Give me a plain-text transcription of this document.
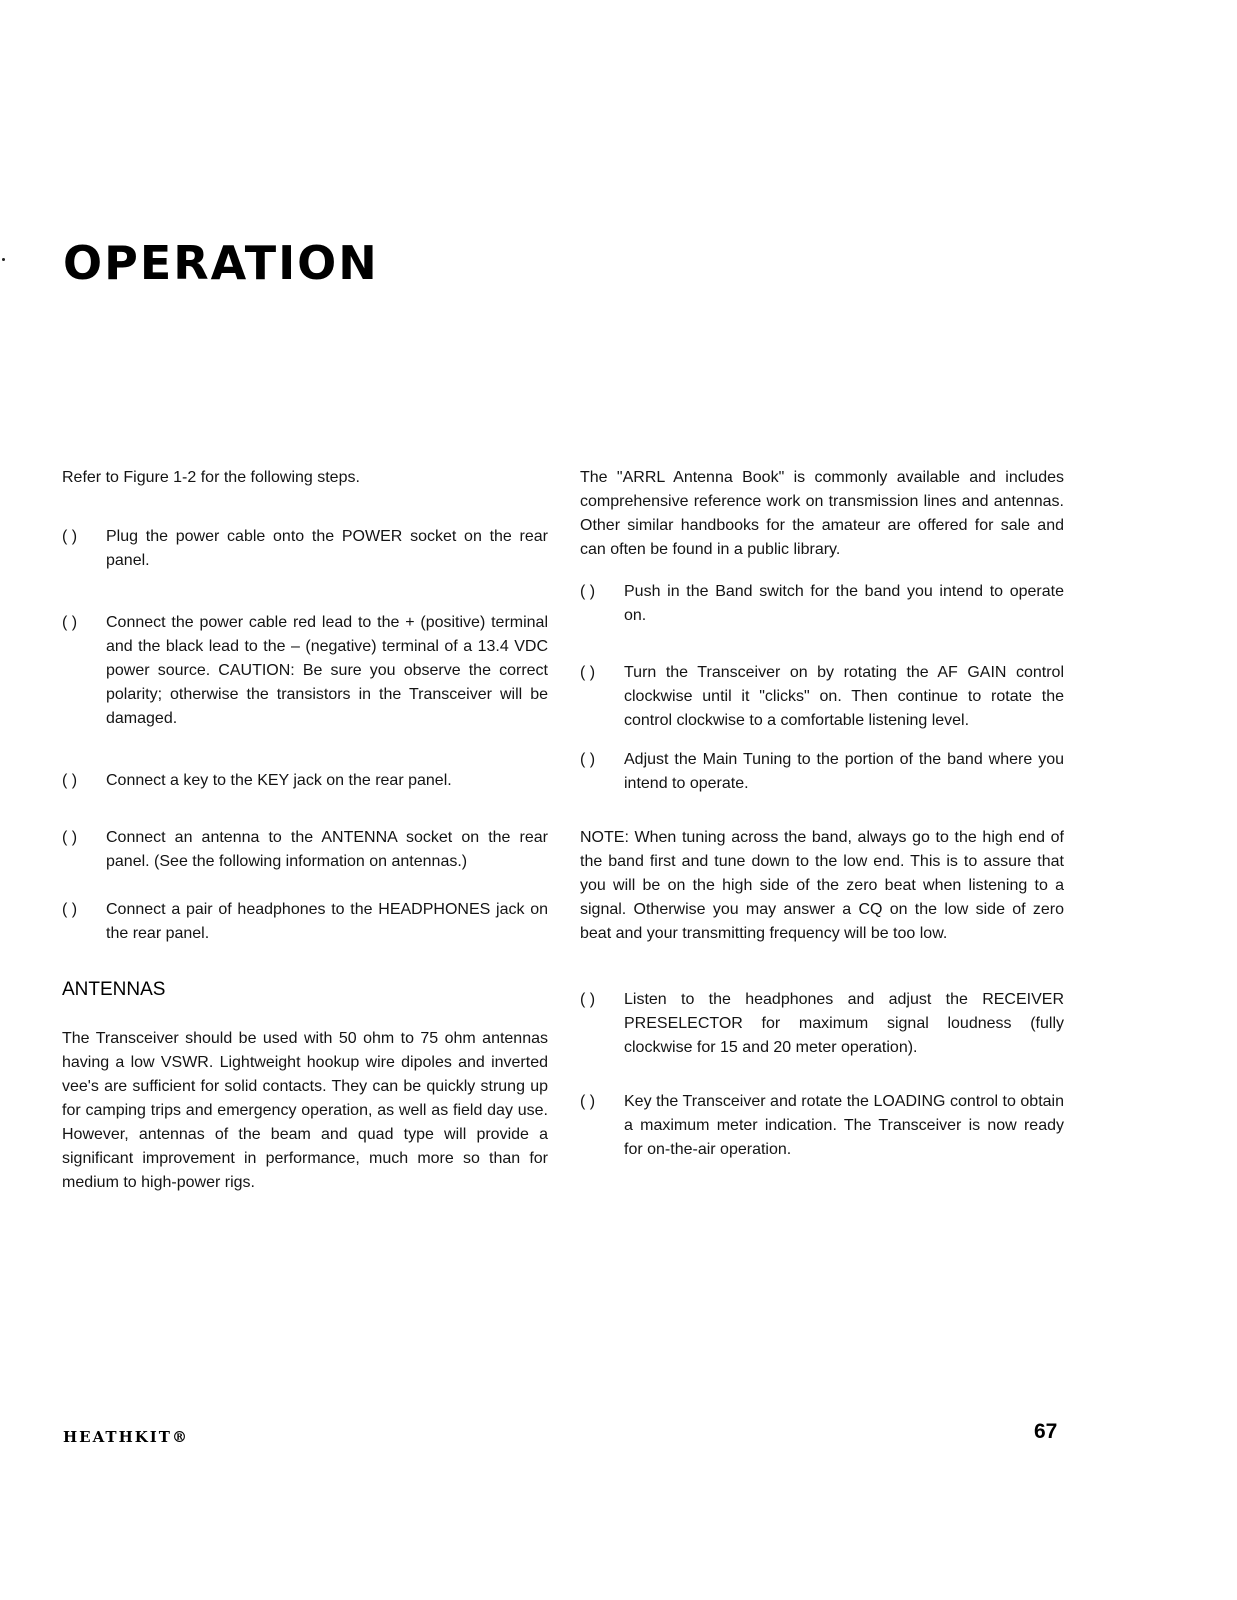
OPERATION

Refer to Figure 1-2 for the following steps.

( )	Plug the power cable onto the POWER socket on the rear panel.
( )	Connect the power cable red lead to the + (positive) terminal and the black lead to the – (negative) terminal of a 13.4 VDC power source. CAUTION: Be sure you observe the correct polarity; otherwise the transistors in the Transceiver will be damaged.
( )	Connect a key to the KEY jack on the rear panel.
( )	Connect an antenna to the ANTENNA socket on the rear panel. (See the following information on antennas.)
( )	Connect a pair of headphones to the HEADPHONES jack on the rear panel.
ANTENNAS

The Transceiver should be used with 50 ohm to 75 ohm antennas having a low VSWR. Lightweight hookup wire dipoles and inverted vee's are sufficient for solid contacts. They can be quickly strung up for camping trips and emergency operation, as well as field day use. However, antennas of the beam and quad type will provide a significant improvement in performance, much more so than for medium to high-power rigs.

The "ARRL Antenna Book" is commonly available and includes comprehensive reference work on transmission lines and antennas. Other similar handbooks for the amateur are offered for sale and can often be found in a public library.

( )	Push in the Band switch for the band you intend to operate on.
( )	Turn the Transceiver on by rotating the AF GAIN control clockwise until it "clicks" on. Then continue to rotate the control clockwise to a comfortable listening level.
( )	Adjust the Main Tuning to the portion of the band where you intend to operate.

NOTE: When tuning across the band, always go to the high end of the band first and tune down to the low end. This is to assure that you will be on the high side of the zero beat when listening to a signal. Otherwise you may answer a CQ on the low side of zero beat and your transmitting frequency will be too low.

( )	Listen to the headphones and adjust the RECEIVER PRESELECTOR for maximum signal loudness (fully clockwise for 15 and 20 meter operation).
( )	Key the Transceiver and rotate the LOADING control to obtain a maximum meter indication. The Transceiver is now ready for on-the-air operation.
HEATHKIT®	67
